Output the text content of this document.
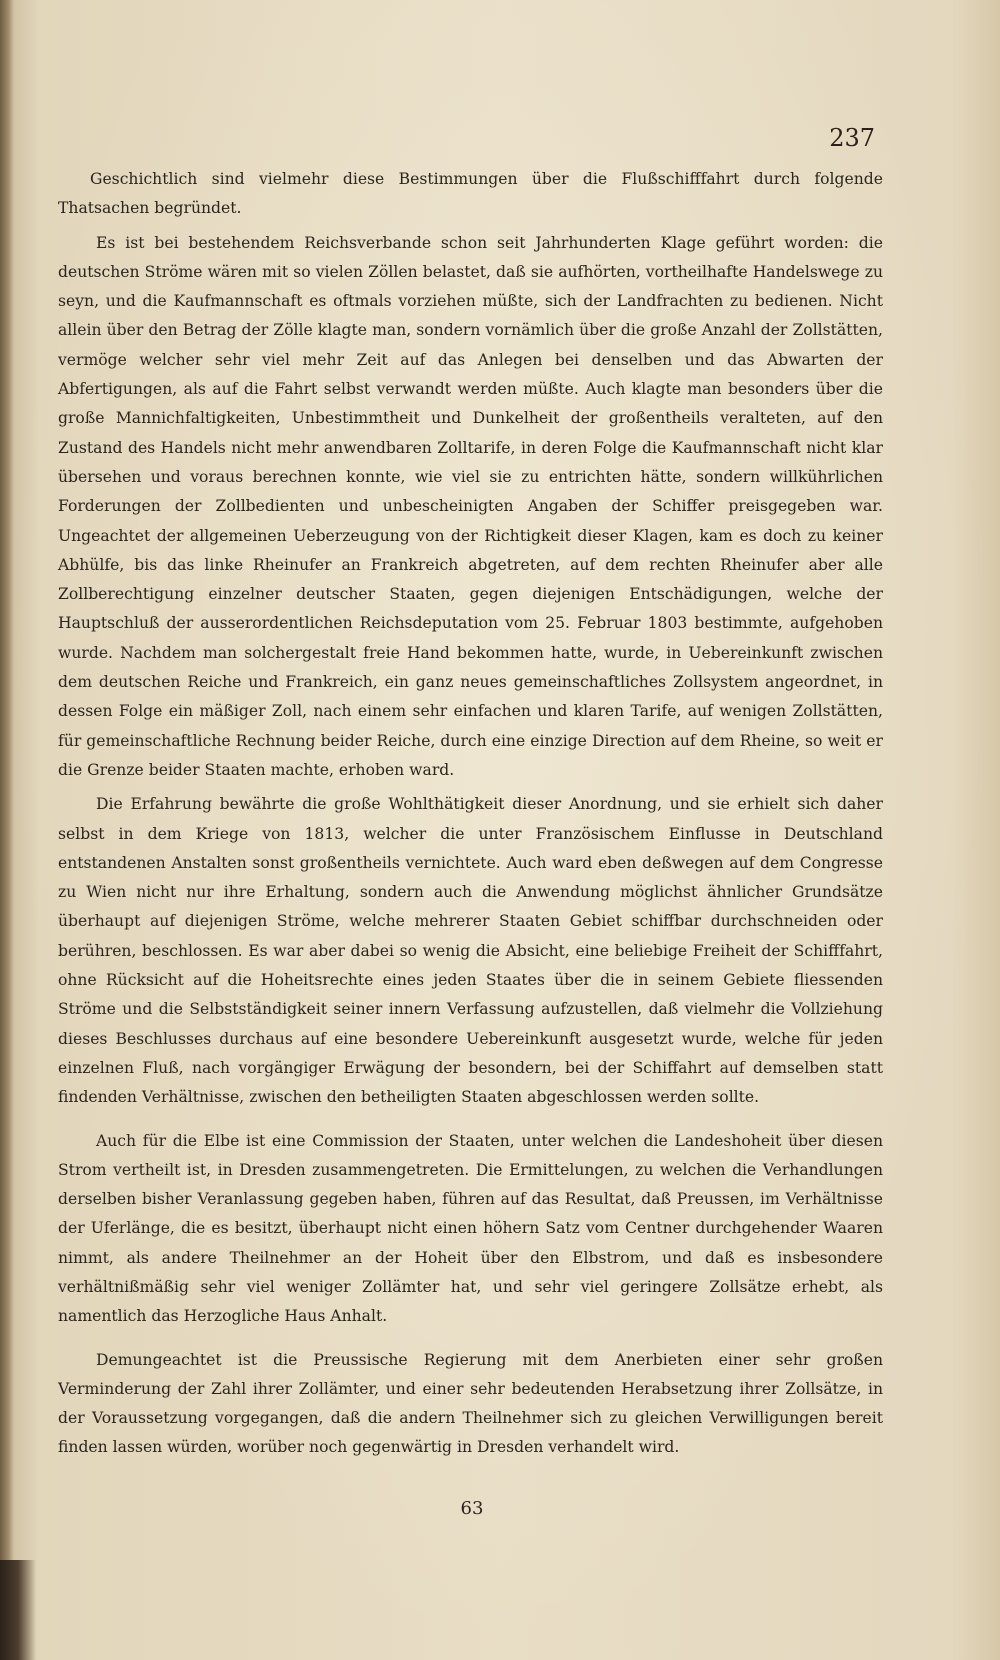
237

Geschichtlich sind vielmehr diese Bestimmungen über die Flußschifffahrt durch folgende Thatsachen begründet.

Es ist bei bestehendem Reichsverbande schon seit Jahrhunderten Klage geführt worden: die deutschen Ströme wären mit so vielen Zöllen belastet, daß sie aufhörten, vortheilhafte Handelswege zu seyn, und die Kaufmannschaft es oftmals vorziehen müßte, sich der Landfrachten zu bedienen. Nicht allein über den Betrag der Zölle klagte man, sondern vornämlich über die große Anzahl der Zollstätten, vermöge welcher sehr viel mehr Zeit auf das Anlegen bei denselben und das Abwarten der Abfertigungen, als auf die Fahrt selbst verwandt werden müßte. Auch klagte man besonders über die große Mannichfaltigkeiten, Unbestimmtheit und Dunkelheit der großentheils veralteten, auf den Zustand des Handels nicht mehr anwendbaren Zolltarife, in deren Folge die Kaufmannschaft nicht klar übersehen und voraus berechnen konnte, wie viel sie zu entrichten hätte, sondern willkührlichen Forderungen der Zollbedienten und unbescheinigten Angaben der Schiffer preisgegeben war. Ungeachtet der allgemeinen Ueberzeugung von der Richtigkeit dieser Klagen, kam es doch zu keiner Abhülfe, bis das linke Rheinufer an Frankreich abgetreten, auf dem rechten Rheinufer aber alle Zollberechtigung einzelner deutscher Staaten, gegen diejenigen Entschädigungen, welche der Hauptschluß der ausserordentlichen Reichsdeputation vom 25. Februar 1803 bestimmte, aufgehoben wurde. Nachdem man solchergestalt freie Hand bekommen hatte, wurde, in Uebereinkunft zwischen dem deutschen Reiche und Frankreich, ein ganz neues gemeinschaftliches Zollsystem angeordnet, in dessen Folge ein mäßiger Zoll, nach einem sehr einfachen und klaren Tarife, auf wenigen Zollstätten, für gemeinschaftliche Rechnung beider Reiche, durch eine einzige Direction auf dem Rheine, so weit er die Grenze beider Staaten machte, erhoben ward.

Die Erfahrung bewährte die große Wohlthätigkeit dieser Anordnung, und sie erhielt sich daher selbst in dem Kriege von 1813, welcher die unter Französischem Einflusse in Deutschland entstandenen Anstalten sonst großentheils vernichtete. Auch ward eben deßwegen auf dem Congresse zu Wien nicht nur ihre Erhaltung, sondern auch die Anwendung möglichst ähnlicher Grundsätze überhaupt auf diejenigen Ströme, welche mehrerer Staaten Gebiet schiffbar durchschneiden oder berühren, beschlossen. Es war aber dabei so wenig die Absicht, eine beliebige Freiheit der Schifffahrt, ohne Rücksicht auf die Hoheitsrechte eines jeden Staates über die in seinem Gebiete fliessenden Ströme und die Selbstständigkeit seiner innern Verfassung aufzustellen, daß vielmehr die Vollziehung dieses Beschlusses durchaus auf eine besondere Uebereinkunft ausgesetzt wurde, welche für jeden einzelnen Fluß, nach vorgängiger Erwägung der besondern, bei der Schiffahrt auf demselben statt findenden Verhältnisse, zwischen den betheiligten Staaten abgeschlossen werden sollte.

Auch für die Elbe ist eine Commission der Staaten, unter welchen die Landeshoheit über diesen Strom vertheilt ist, in Dresden zusammengetreten. Die Ermittelungen, zu welchen die Verhandlungen derselben bisher Veranlassung gegeben haben, führen auf das Resultat, daß Preussen, im Verhältnisse der Uferlänge, die es besitzt, überhaupt nicht einen höhern Satz vom Centner durchgehender Waaren nimmt, als andere Theilnehmer an der Hoheit über den Elbstrom, und daß es insbesondere verhältnißmäßig sehr viel weniger Zollämter hat, und sehr viel geringere Zollsätze erhebt, als namentlich das Herzogliche Haus Anhalt.

Demungeachtet ist die Preussische Regierung mit dem Anerbieten einer sehr großen Verminderung der Zahl ihrer Zollämter, und einer sehr bedeutenden Herabsetzung ihrer Zollsätze, in der Voraussetzung vorgegangen, daß die andern Theilnehmer sich zu gleichen Verwilligungen bereit finden lassen würden, worüber noch gegenwärtig in Dresden verhandelt wird.

63
